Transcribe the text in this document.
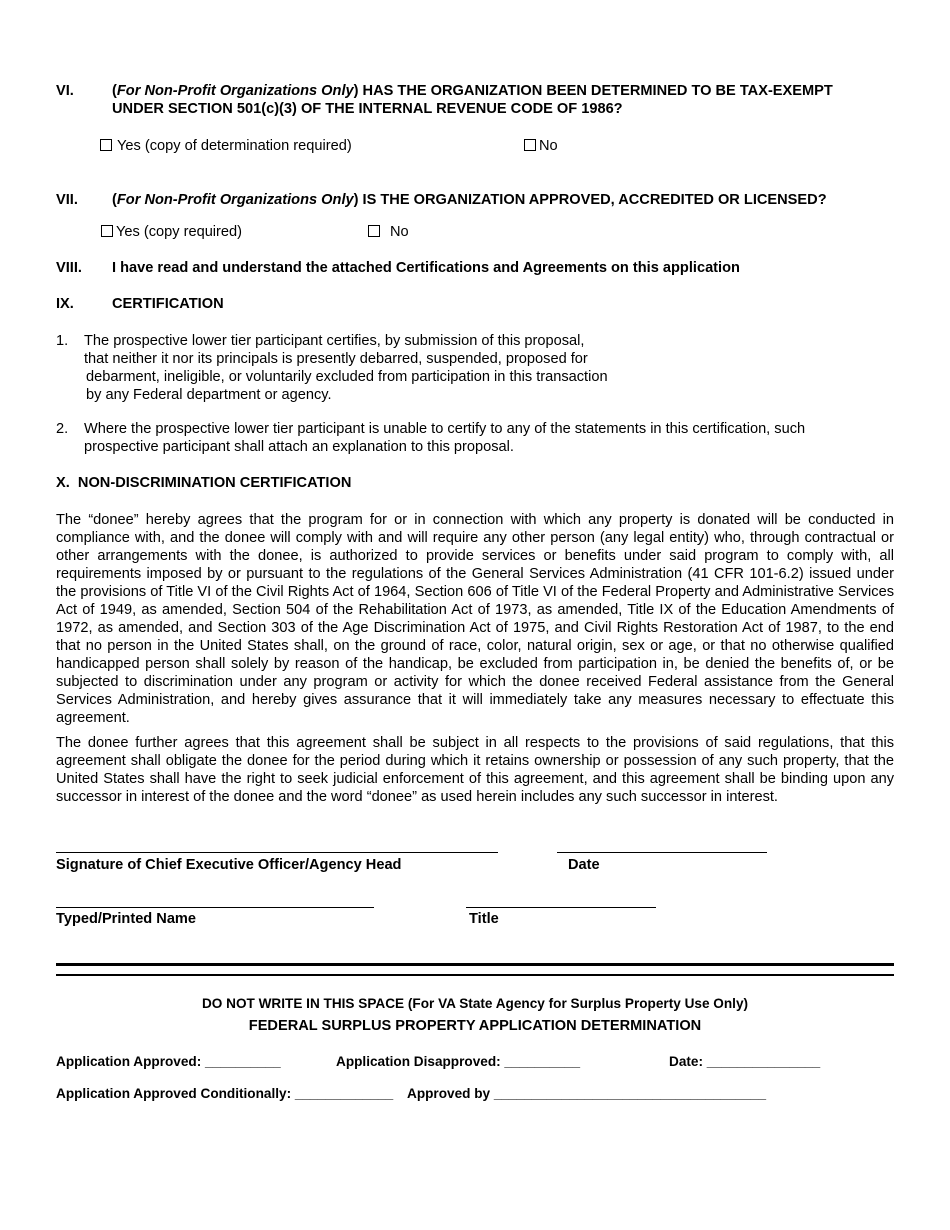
VI.	(For Non-Profit Organizations Only) HAS THE ORGANIZATION BEEN DETERMINED TO BE TAX-EXEMPT
UNDER SECTION 501(c)(3) OF THE INTERNAL REVENUE CODE OF 1986?
Yes (copy of determination required)	No
VII. (For Non-Profit Organizations Only) IS THE ORGANIZATION APPROVED, ACCREDITED OR LICENSED?
Yes (copy required)	No
VIII. I have read and understand the attached Certifications and Agreements on this application
IX.	CERTIFICATION
1. The prospective lower tier participant certifies, by submission of this proposal,
that neither it nor its principals is presently debarred, suspended, proposed for
debarment, ineligible, or voluntarily excluded from participation in this transaction
by any Federal department or agency.
2. Where the prospective lower tier participant is unable to certify to any of the statements in this certification, such
prospective participant shall attach an explanation to this proposal.
X. NON-DISCRIMINATION CERTIFICATION
The “donee” hereby agrees that the program for or in connection with which any property is donated will be conducted in compliance with, and the donee will comply with and will require any other person (any legal entity) who, through contractual or other arrangements with the donee, is authorized to provide services or benefits under said program to comply with, all requirements imposed by or pursuant to the regulations of the General Services Administration (41 CFR 101-6.2) issued under the provisions of Title VI of the Civil Rights Act of 1964, Section 606 of Title VI of the Federal Property and Administrative Services Act of 1949, as amended, Section 504 of the Rehabilitation Act of 1973, as amended, Title IX of the Education Amendments of 1972, as amended, and Section 303 of the Age Discrimination Act of 1975, and Civil Rights Restoration Act of 1987, to the end that no person in the United States shall, on the ground of race, color, natural origin, sex or age, or that no otherwise qualified handicapped person shall solely by reason of the handicap, be excluded from participation in, be denied the benefits of, or be subjected to discrimination under any program or activity for which the donee received Federal assistance from the General Services Administration, and hereby gives assurance that it will immediately take any measures necessary to effectuate this agreement.
The donee further agrees that this agreement shall be subject in all respects to the provisions of said regulations, that this agreement shall obligate the donee for the period during which it retains ownership or possession of any such property, that the United States shall have the right to seek judicial enforcement of this agreement, and this agreement shall be binding upon any successor in interest of the donee and the word “donee” as used herein includes any such successor in interest.
Signature of Chief Executive Officer/Agency Head	Date
Typed/Printed Name	Title
DO NOT WRITE IN THIS SPACE (For VA State Agency for Surplus Property Use Only)
FEDERAL SURPLUS PROPERTY APPLICATION DETERMINATION
Application Approved: __________	Application Disapproved: __________	Date: _______________
Application Approved Conditionally: _____________ Approved by ____________________________________
